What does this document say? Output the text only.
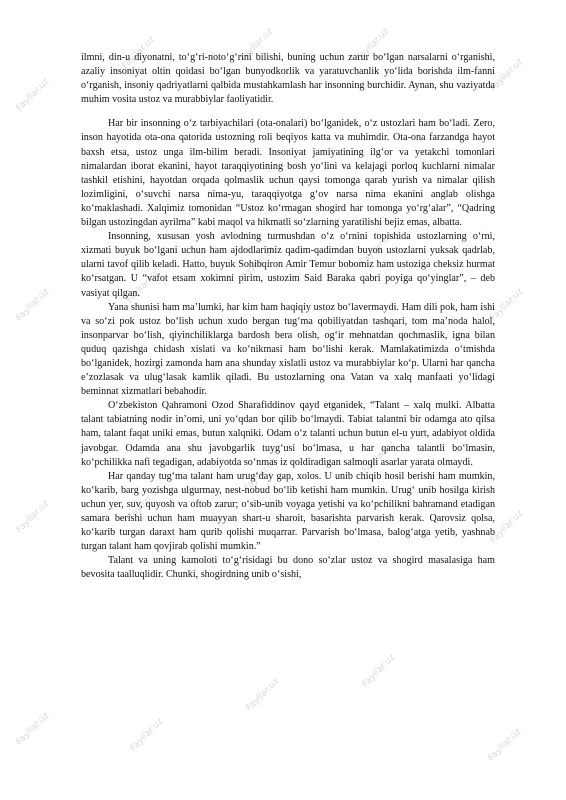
Fayllar.uz
Fayllar.uz	Fayllar.uz	Fayllar.uz
Fayllar.uz
Fayllar.uz	Fayllar.uz
Fayllar.uz	Fayllar.uz
Fayllar.uz
Fayllar.uz	Fayllar.uz
Fayllar.uz	Fayllar.uz
Fayllar.uz
Fayllar.uz	Fayllar.uz
Fayllar.uz
Fayllar.uz
Fayllar.uz

ilmni, din-u diyonatni, to‘g‘ri-noto‘g‘rini bilishi, buning uchun zarur bo‘lgan narsalarni o‘rganishi, azaliy insoniyat oltin qoidasi bo‘lgan bunyodkorlik va yaratuvchanlik yo‘lida borishda ilm-fanni o‘rganish, insoniy qadriyatlarni qalbida mustahkamlash har insonning burchidir. Aynan, shu vaziyatda muhim vosita ustoz va murabbiylar faoliyatidir.

Har bir insonning o‘z tarbiyachilari (ota-onalari) bo‘lganidek, o‘z ustozlari ham bo‘ladi. Zero, inson hayotida ota-ona qatorida ustozning roli beqiyos katta va muhimdir. Ota-ona farzandga hayot baxsh etsa, ustoz unga ilm-bilim beradi. Insoniyat jamiyatining ilg‘or va yetakchi tomonlari nimalardan iborat ekanini, hayot taraqqiyotining bosh yo‘lini va kelajagi porloq kuchlarni nimalar tashkil etishini, hayotdan orqada qolmaslik uchun qaysi tomonga qarab yurish va nimalar qilish lozimligini, o‘suvchi narsa nima-yu, taraqqiyotga g‘ov narsa nima ekanini anglab olishga ko‘maklashadi. Xalqimiz tomonidan “Ustoz ko‘rmagan shogird har tomonga yo‘rg‘alar”, “Qadring bilgan ustozingdan ayrilma” kabi maqol va hikmatli so‘zlarning yaratilishi bejiz emas, albatta.

Insonning, xususan yosh avlodning turmushdan o‘z o‘rnini topishida ustozlarning o‘rni, xizmati buyuk bo‘lgani uchun ham ajdodlarimiz qadim-qadimdan buyon ustozlarni yuksak qadrlab, ularni tavof qilib keladi. Hatto, buyuk Sohibqiron Amir Temur bobomiz ham ustoziga cheksiz hurmat ko‘rsatgan. U “vafot etsam xokimni pirim, ustozim Said Baraka qabri poyiga qo‘yinglar”, – deb vasiyat qilgan.

Yana shunisi ham ma’lumki, har kim ham haqiqiy ustoz bo‘lavermaydi. Ham dili pok, ham ishi va so‘zi pok ustoz bo‘lish uchun xudo bergan tug‘ma qobiliyatdan tashqari, tom ma’noda halol, insonparvar bo‘lish, qiyinchiliklarga bardosh bera olish, og‘ir mehnatdan qochmaslik, igna bilan quduq qazishga chidash xislati va ko‘nikmasi ham bo‘lishi kerak. Mamlakatimizda o‘tmishda bo‘lganidek, hozirgi zamonda ham ana shunday xislatli ustoz va murabbiylar ko‘p. Ularni har qancha e’zozlasak va ulug‘lasak kamlik qiladi. Bu ustozlarning ona Vatan va xalq manfaati yo‘lidagi beminnat xizmatlari bebahodir.

O‘zbekiston Qahramoni Ozod Sharafiddinov qayd etganidek, “Talant – xalq mulki. Albatta talant tabiatning nodir in’omi, uni yo‘qdan bor qilib bo‘lmaydi. Tabiat talantni bir odamga ato qilsa ham, talant faqat uniki emas, butun xalqniki. Odam o‘z talanti uchun butun el-u yurt, adabiyot oldida javobgar. Odamda ana shu javobgarlik tuyg‘usi bo‘lmasa, u har qancha talantli bo‘lmasin, ko‘pchilikka nafi tegadigan, adabiyotda so‘nmas iz qoldiradigan salmoqli asarlar yarata olmaydi.

Har qanday tug‘ma talant ham urug‘day gap, xolos. U unib chiqib hosil berishi ham mumkin, ko‘karib, barg yozishga ulgurmay, nest-nobud bo‘lib ketishi ham mumkin. Urug‘ unib hosilga kirish uchun yer, suv, quyosh va oftob zarur; o‘sib-unib voyaga yetishi va ko‘pchilikni bahramand etadigan samara berishi uchun ham muayyan shart-u sharoit, basarishta parvarish kerak. Qarovsiz qolsa, ko‘karib turgan daraxt ham qurib qolishi muqarrar. Parvarish bo‘lmasa, balog‘atga yetib, yashnab turgan talant ham qovjirab qolishi mumkin.”

Talant va uning kamoloti to‘g‘risidagi bu dono so‘zlar ustoz va shogird masalasiga ham bevosita taalluqlidir. Chunki, shogirdning unib o‘sishi,
